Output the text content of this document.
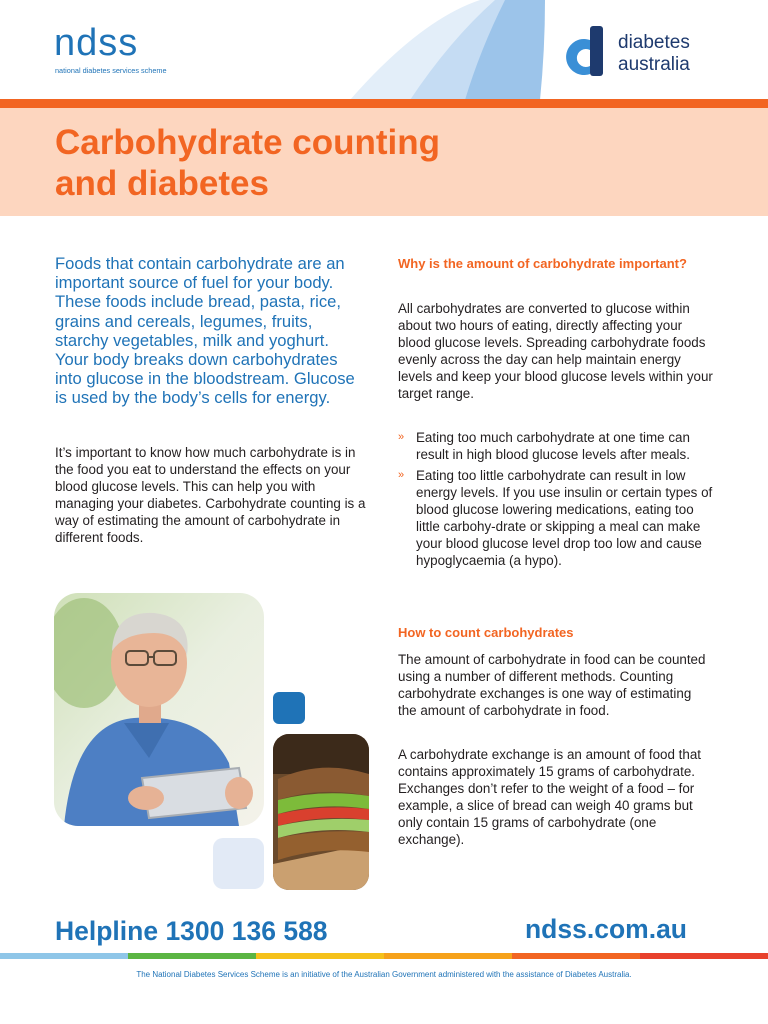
ndss
national diabetes services scheme
diabetes
australia
Carbohydrate counting
and diabetes

Foods that contain carbohydrate are an important source of fuel for your body. These foods include bread, pasta, rice, grains and cereals, legumes, fruits, starchy vegetables, milk and yoghurt. Your body breaks down carbohydrates into glucose in the bloodstream. Glucose is used by the body’s cells for energy.

It’s important to know how much carbohydrate is in the food you eat to understand the effects on your blood glucose levels. This can help you with managing your diabetes. Carbohydrate counting is a way of estimating the amount of carbohydrate in different foods.

Why is the amount of carbohydrate important?

All carbohydrates are converted to glucose within about two hours of eating, directly affecting your blood glucose levels. Spreading carbohydrate foods evenly across the day can help maintain energy levels and keep your blood glucose levels within your target range.

» Eating too much carbohydrate at one time can result in high blood glucose levels after meals.
» Eating too little carbohydrate can result in low energy levels. If you use insulin or certain types of blood glucose lowering medications, eating too little carbohy-drate or skipping a meal can make your blood glucose level drop too low and cause hypoglycaemia (a hypo).
How to count carbohydrates

The amount of carbohydrate in food can be counted using a number of different methods. Counting carbohydrate exchanges is one way of estimating the amount of carbohydrate in food.

A carbohydrate exchange is an amount of food that contains approximately 15 grams of carbohydrate. Exchanges don’t refer to the weight of a food – for example, a slice of bread can weigh 40 grams but only contain 15 grams of carbohydrate (one exchange).

Helpline 1300 136 588	ndss.com.au
The National Diabetes Services Scheme is an initiative of the Australian Government administered with the assistance of Diabetes Australia.
